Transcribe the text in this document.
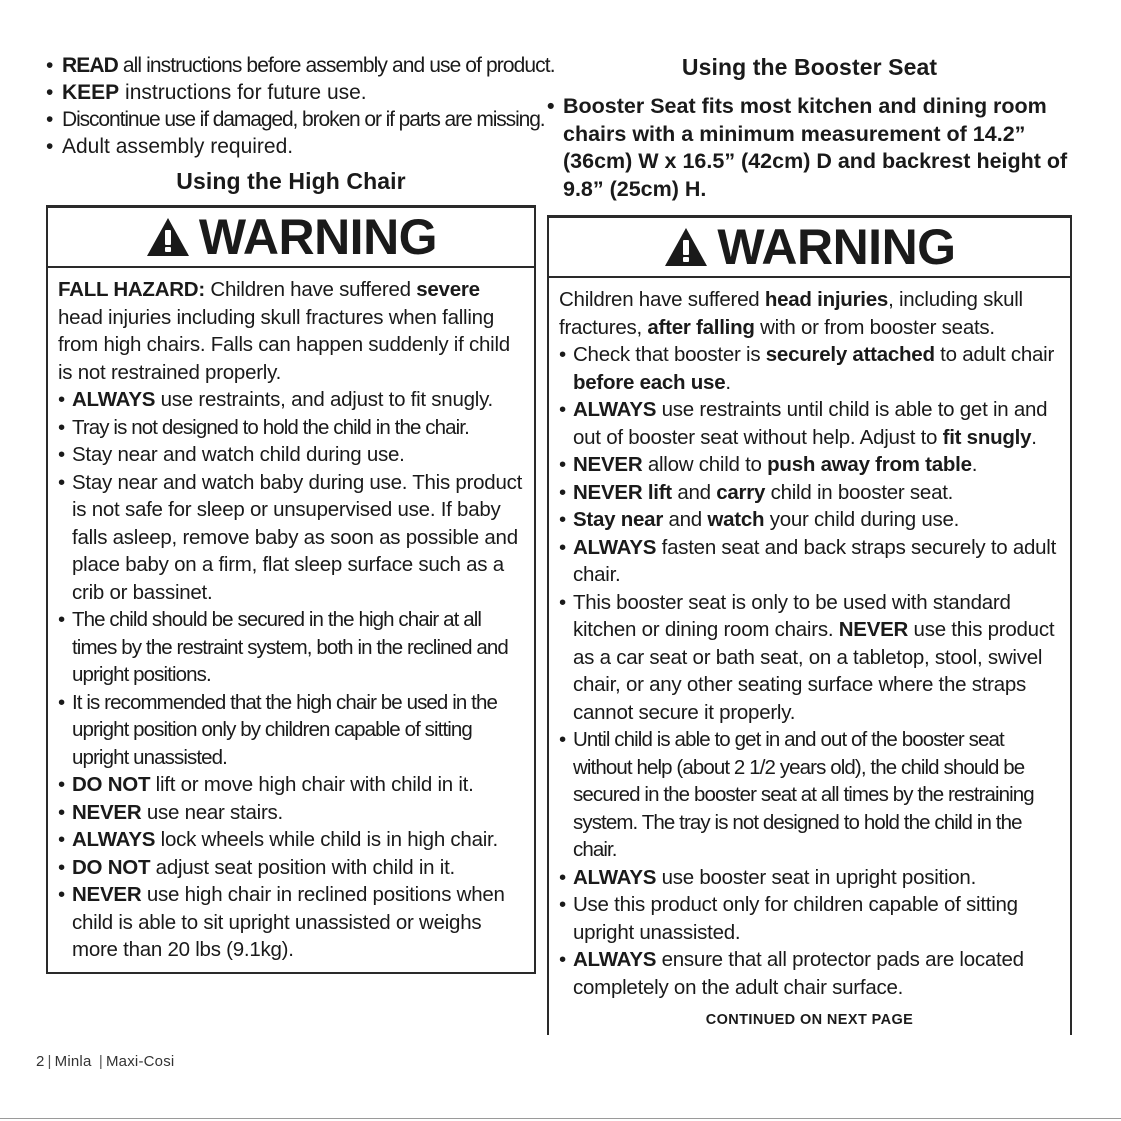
• READ all instructions before assembly and use of product.
• KEEP instructions for future use.
• Discontinue use if damaged, broken or if parts are missing.
• Adult assembly required.
Using the High Chair
WARNING

FALL HAZARD: Children have suffered severe head injuries including skull fractures when falling from high chairs. Falls can happen suddenly if child is not restrained properly.

• ALWAYS use restraints, and adjust to fit snugly.
• Tray is not designed to hold the child in the chair.
• Stay near and watch child during use.
• Stay near and watch baby during use. This product is not safe for sleep or unsupervised use. If baby falls asleep, remove baby as soon as possible and place baby on a firm, flat sleep surface such as a crib or bassinet.
• The child should be secured in the high chair at all times by the restraint system, both in the reclined and upright positions.
• It is recommended that the high chair be used in the upright position only by children capable of sitting upright unassisted.
• DO NOT lift or move high chair with child in it.
• NEVER use near stairs.
• ALWAYS lock wheels while child is in high chair.
• DO NOT adjust seat position with child in it.
• NEVER use high chair in reclined positions when child is able to sit upright unassisted or weighs more than 20 lbs (9.1kg).
Using the Booster Seat
• Booster Seat fits most kitchen and dining room chairs with a minimum measurement of 14.2” (36cm) W x 16.5” (42cm) D and backrest height of 9.8” (25cm) H.
WARNING

Children have suffered head injuries, including skull fractures, after falling with or from booster seats.

• Check that booster is securely attached to adult chair before each use.
• ALWAYS use restraints until child is able to get in and out of booster seat without help. Adjust to fit snugly.
• NEVER allow child to push away from table.
• NEVER lift and carry child in booster seat.
• Stay near and watch your child during use.
• ALWAYS fasten seat and back straps securely to adult chair.
• This booster seat is only to be used with standard kitchen or dining room chairs. NEVER use this product as a car seat or bath seat, on a tabletop, stool, swivel chair, or any other seating surface where the straps cannot secure it properly.
• Until child is able to get in and out of the booster seat without help (about 2 1/2 years old), the child should be secured in the booster seat at all times by the restraining system. The tray is not designed to hold the child in the chair.
• ALWAYS use booster seat in upright position.
• Use this product only for children capable of sitting upright unassisted.
• ALWAYS ensure that all protector pads are located completely on the adult chair surface.
CONTINUED ON NEXT PAGE
2 | Minla | Maxi-Cosi
